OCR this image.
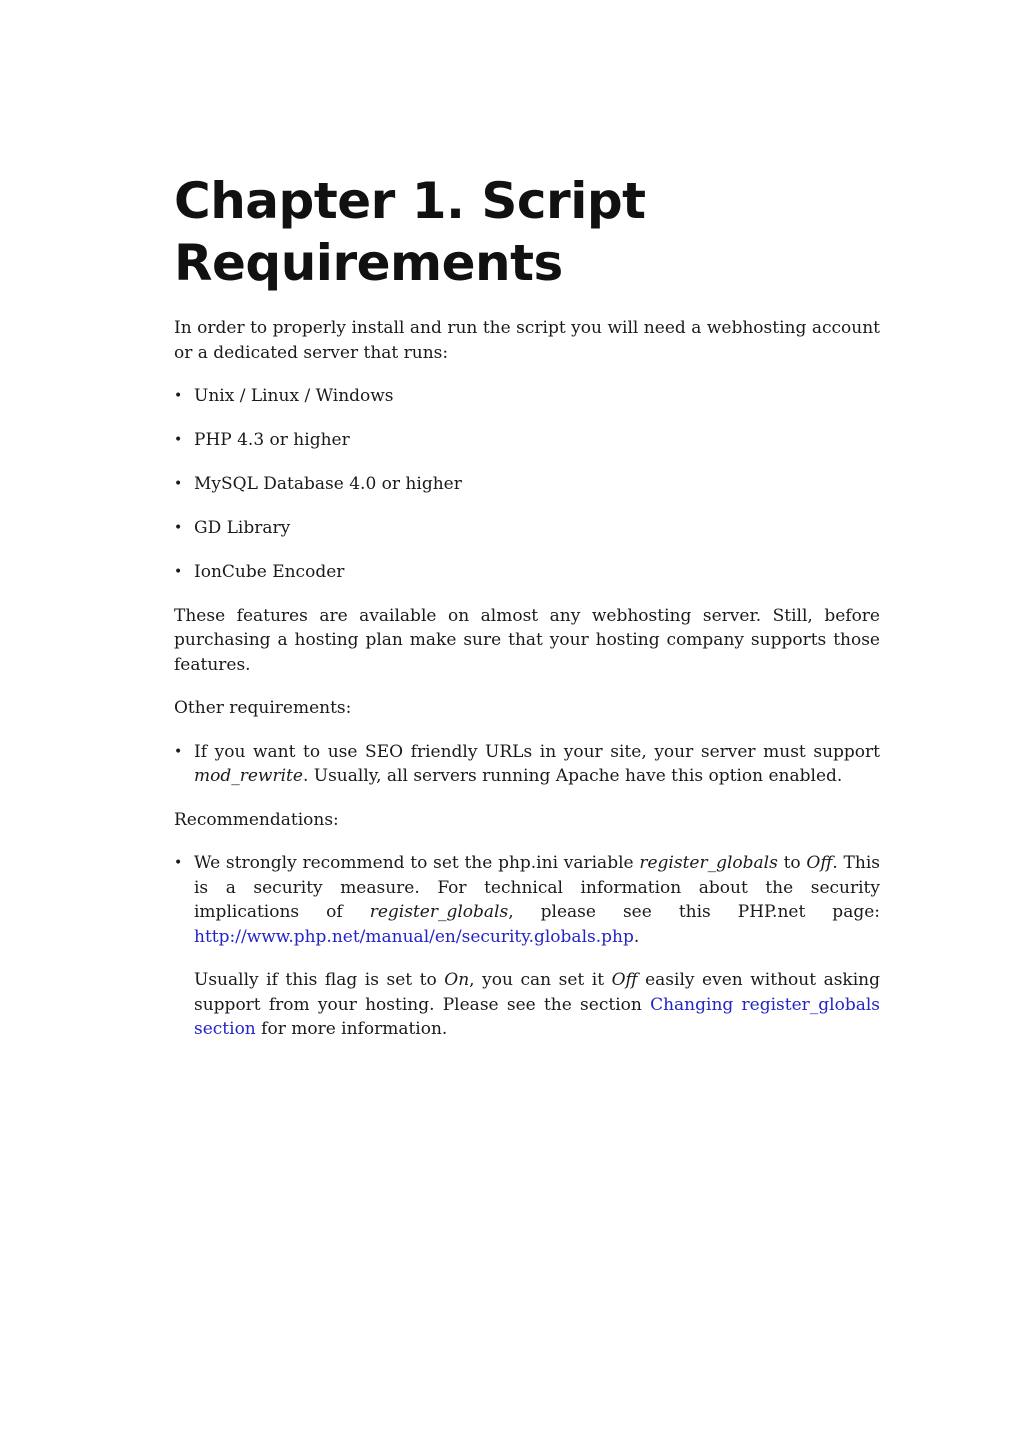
Chapter 1. Script
Requirements

In order to properly install and run the script you will need a webhosting account or a dedicated server that runs:

• Unix / Linux / Windows
• PHP 4.3 or higher
• MySQL Database 4.0 or higher
• GD Library
• IonCube Encoder

These features are available on almost any webhosting server. Still, before purchasing a hosting plan make sure that your hosting company supports those features.

Other requirements:

• If you want to use SEO friendly URLs in your site, your server must support mod_rewrite. Usually, all servers running Apache have this option enabled.

Recommendations:

• We strongly recommend to set the php.ini variable register_globals to Off. This is a security measure. For technical information about the security implications of register_globals, please see this PHP.net page: http://www.php.net/manual/en/security.globals.php.

Usually if this flag is set to On, you can set it Off easily even without asking support from your hosting. Please see the section Changing register_globals section for more information.
